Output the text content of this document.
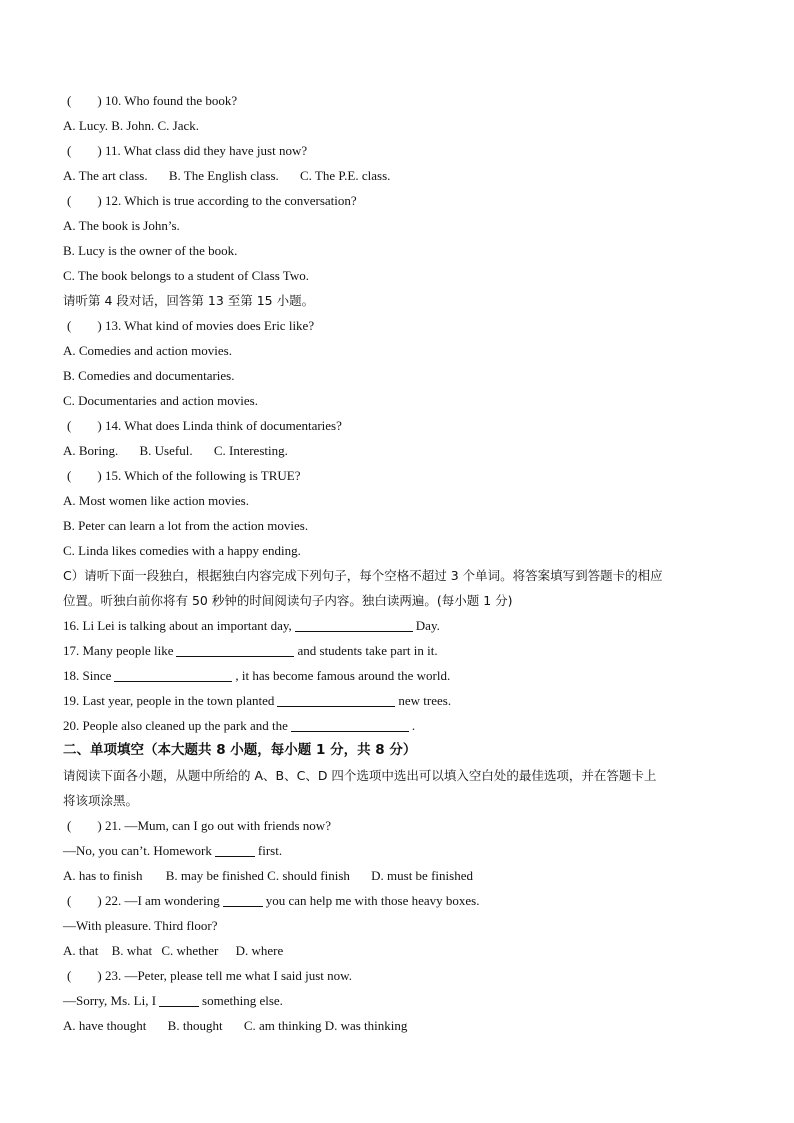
( ) 10. Who found the book?
A. Lucy. B. John. C. Jack.
( ) 11. What class did they have just now?
A. The art class. B. The English class. C. The P.E. class.
( ) 12. Which is true according to the conversation?
A. The book is John’s.
B. Lucy is the owner of the book.
C. The book belongs to a student of Class Two.
请听第 4 段对话，回答第 13 至第 15 小题。
( ) 13. What kind of movies does Eric like?
A. Comedies and action movies.
B. Comedies and documentaries.
C. Documentaries and action movies.
( ) 14. What does Linda think of documentaries?
A. Boring. B. Useful. C. Interesting.
( ) 15. Which of the following is TRUE?
A. Most women like action movies.
B. Peter can learn a lot from the action movies.
C. Linda likes comedies with a happy ending.
C）请听下面一段独白，根据独白内容完成下列句子，每个空格不超过 3 个单词。将答案填写到答题卡的相应
位置。听独白前你将有 50 秒钟的时间阅读句子内容。独白读两遍。(每小题 1 分)
16. Li Lei is talking about an important day,	Day.
17. Many people like	and students take part in it.
18. Since	, it has become famous around the world.
19. Last year, people in the town planted	new trees.
20. People also cleaned up the park and the	.
二、单项填空（本大题共 8 小题，每小题 1 分，共 8 分）
请阅读下面各小题，从题中所给的 A、B、C、D 四个选项中选出可以填入空白处的最佳选项，并在答题卡上
将该项涂黑。
( ) 21. —Mum, can I go out with friends now?
—No, you can’t. Homework	first.
A. has to finish B. may be finished C. should finish D. must be finished
( ) 22. —I am wondering	you can help me with those heavy boxes.
—With pleasure. Third floor?
A. that B. what C. whether D. where
( ) 23. —Peter, please tell me what I said just now.
—Sorry, Ms. Li, I	something else.
A. have thought B. thought C. am thinking D. was thinking
